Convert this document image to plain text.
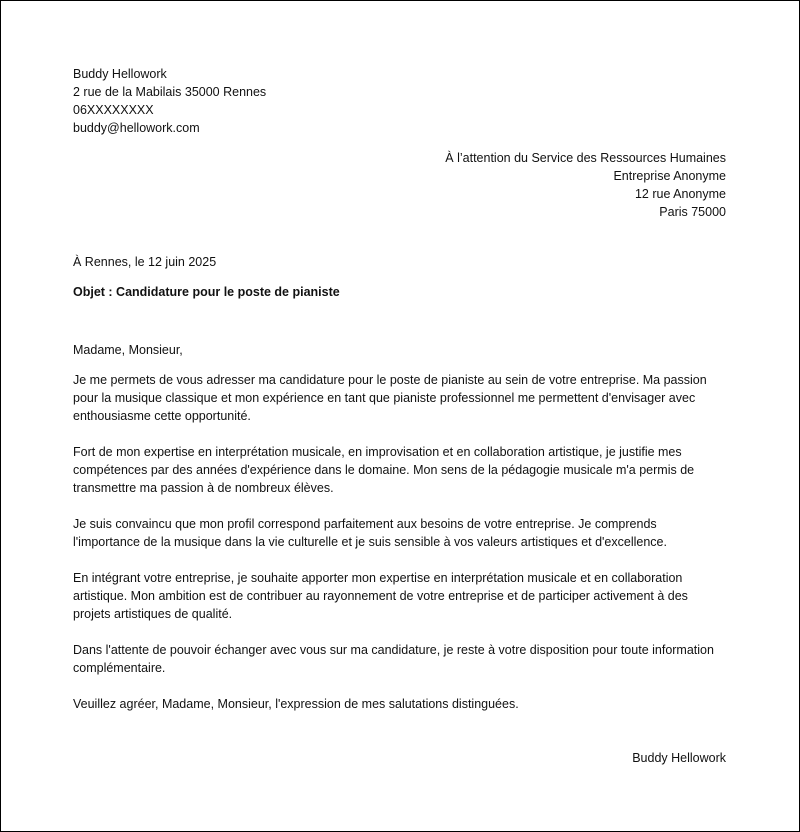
Buddy Hellowork
2 rue de la Mabilais 35000 Rennes
06XXXXXXXX
buddy@hellowork.com
À l’attention du Service des Ressources Humaines
Entreprise Anonyme
12 rue Anonyme
Paris 75000
À Rennes, le 12 juin 2025
Objet : Candidature pour le poste de pianiste
Madame, Monsieur,
Je me permets de vous adresser ma candidature pour le poste de pianiste au sein de votre entreprise. Ma passion pour la musique classique et mon expérience en tant que pianiste professionnel me permettent d'envisager avec enthousiasme cette opportunité.
Fort de mon expertise en interprétation musicale, en improvisation et en collaboration artistique, je justifie mes compétences par des années d'expérience dans le domaine. Mon sens de la pédagogie musicale m'a permis de transmettre ma passion à de nombreux élèves.
Je suis convaincu que mon profil correspond parfaitement aux besoins de votre entreprise. Je comprends l'importance de la musique dans la vie culturelle et je suis sensible à vos valeurs artistiques et d'excellence.
En intégrant votre entreprise, je souhaite apporter mon expertise en interprétation musicale et en collaboration artistique. Mon ambition est de contribuer au rayonnement de votre entreprise et de participer activement à des projets artistiques de qualité.
Dans l'attente de pouvoir échanger avec vous sur ma candidature, je reste à votre disposition pour toute information complémentaire.
Veuillez agréer, Madame, Monsieur, l'expression de mes salutations distinguées.
Buddy Hellowork
